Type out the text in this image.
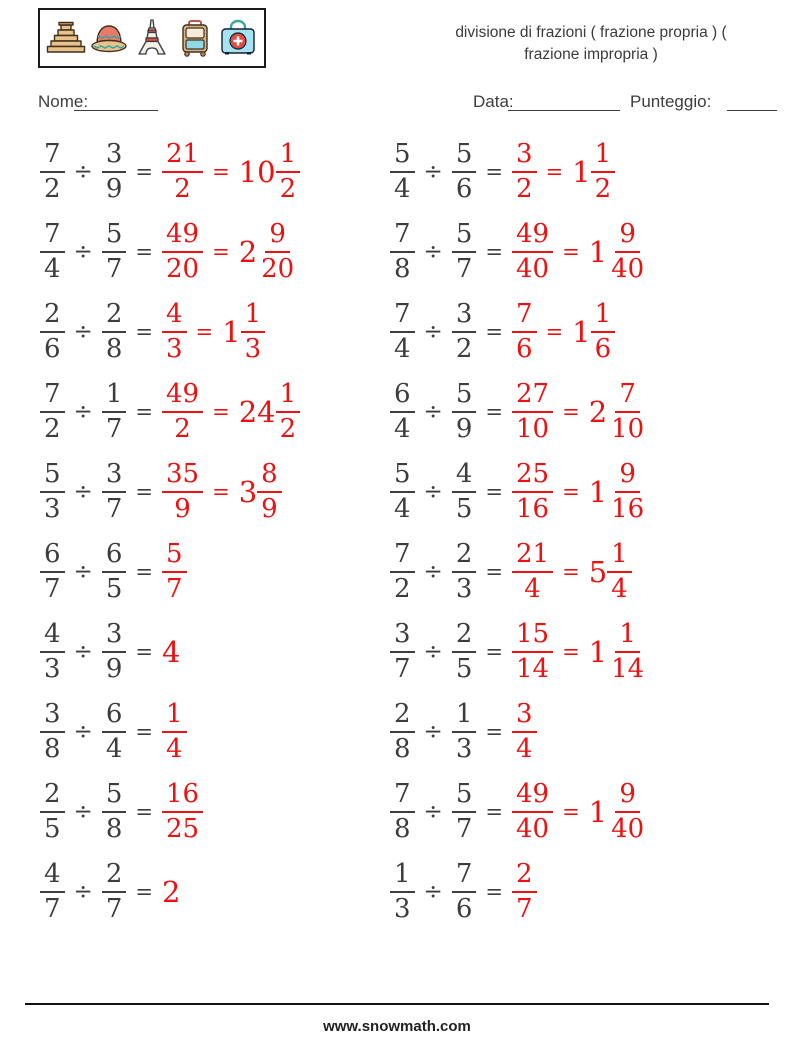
divisione di frazioni ( frazione propria ) (
frazione impropria )
Nome:	Data:	Punteggio:
$\frac{7}{2} \div \frac{3}{9} = \frac{21}{2} = 10 \frac{1}{2}$	$\frac{5}{4} \div \frac{5}{6} = \frac{3}{2} = 1 \frac{1}{2}$
$\frac{7}{4} \div \frac{5}{7} = \frac{49}{20} = 2 \frac{9}{20}$	$\frac{7}{8} \div \frac{5}{7} = \frac{49}{40} = 1 \frac{9}{40}$
$\frac{2}{6} \div \frac{2}{8} = \frac{4}{3} = 1 \frac{1}{3}$	$\frac{7}{4} \div \frac{3}{2} = \frac{7}{6} = 1 \frac{1}{6}$
$\frac{7}{2} \div \frac{1}{7} = \frac{49}{2} = 24 \frac{1}{2}$	$\frac{6}{4} \div \frac{5}{9} = \frac{27}{10} = 2 \frac{7}{10}$
$\frac{5}{3} \div \frac{3}{7} = \frac{35}{9} = 3 \frac{8}{9}$	$\frac{5}{4} \div \frac{4}{5} = \frac{25}{16} = 1 \frac{9}{16}$
$\frac{6}{7} \div \frac{6}{5} = \frac{5}{7}$	$\frac{7}{2} \div \frac{2}{3} = \frac{21}{4} = 5 \frac{1}{4}$
$\frac{4}{3} \div \frac{3}{9} = 4$	$\frac{3}{7} \div \frac{2}{5} = \frac{15}{14} = 1 \frac{1}{14}$
$\frac{3}{8} \div \frac{6}{4} = \frac{1}{4}$	$\frac{2}{8} \div \frac{1}{3} = \frac{3}{4}$
$\frac{2}{5} \div \frac{5}{8} = \frac{16}{25}$	$\frac{7}{8} \div \frac{5}{7} = \frac{49}{40} = 1 \frac{9}{40}$
$\frac{4}{7} \div \frac{2}{7} = 2$	$\frac{1}{3} \div \frac{7}{6} = \frac{2}{7}$
www.snowmath.com
